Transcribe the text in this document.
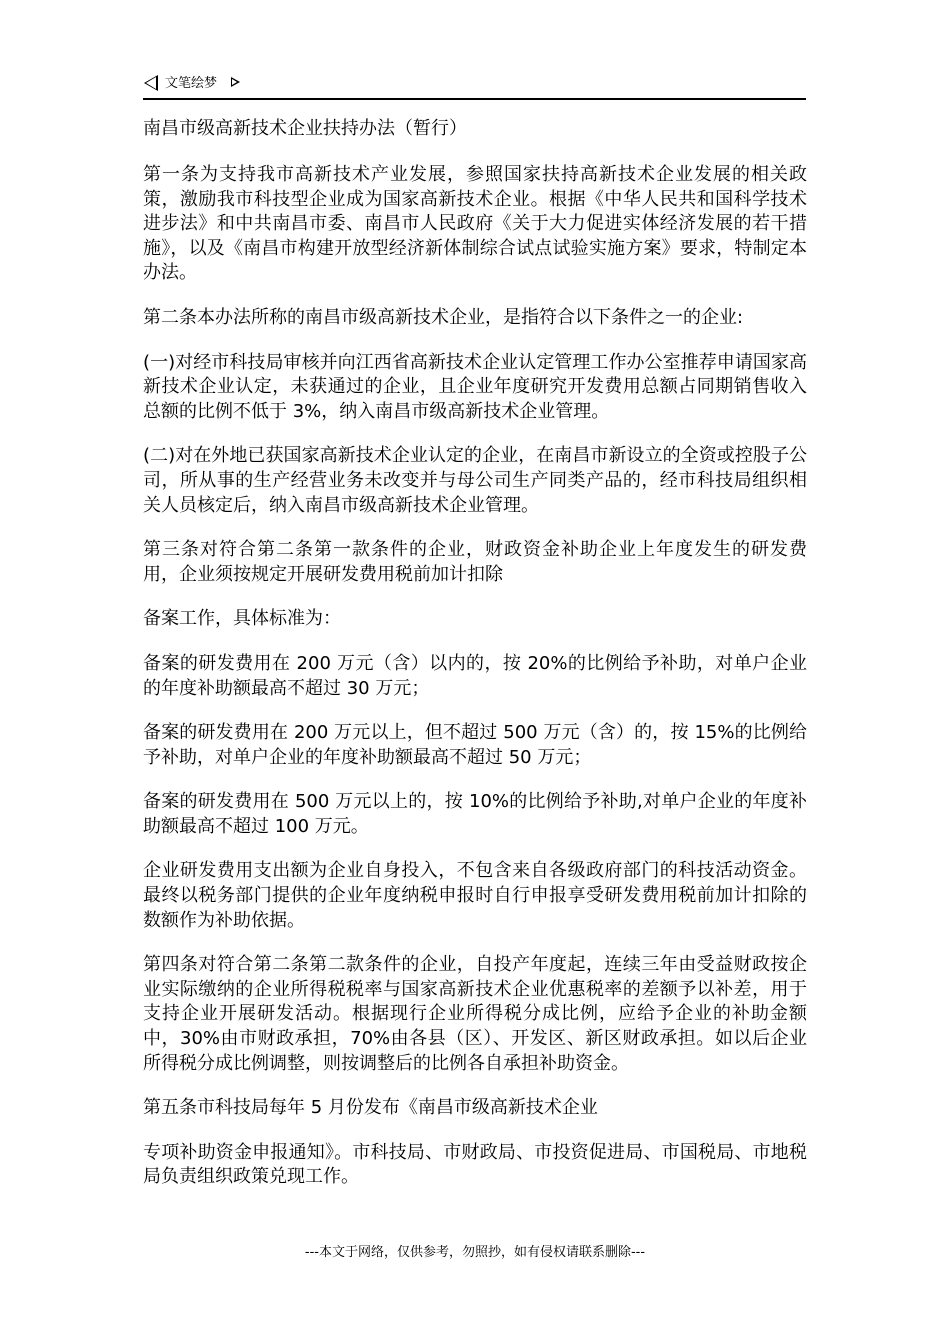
文笔绘梦
南昌市级高新技术企业扶持办法（暂行）

第一条为支持我市高新技术产业发展，参照国家扶持高新技术企业发展的相关政策，激励我市科技型企业成为国家高新技术企业。根据《中华人民共和国科学技术进步法》和中共南昌市委、南昌市人民政府《关于大力促进实体经济发展的若干措施》，以及《南昌市构建开放型经济新体制综合试点试验实施方案》要求，特制定本办法。

第二条本办法所称的南昌市级高新技术企业，是指符合以下条件之一的企业:

(一)对经市科技局审核并向江西省高新技术企业认定管理工作办公室推荐申请国家高新技术企业认定，未获通过的企业，且企业年度研究开发费用总额占同期销售收入总额的比例不低于 3%，纳入南昌市级高新技术企业管理。

(二)对在外地已获国家高新技术企业认定的企业，在南昌市新设立的全资或控股子公司，所从事的生产经营业务未改变并与母公司生产同类产品的，经市科技局组织相关人员核定后，纳入南昌市级高新技术企业管理。

第三条对符合第二条第一款条件的企业，财政资金补助企业上年度发生的研发费用，企业须按规定开展研发费用税前加计扣除

备案工作，具体标准为：

备案的研发费用在 200 万元（含）以内的，按 20%的比例给予补助，对单户企业的年度补助额最高不超过 30 万元；

备案的研发费用在 200 万元以上，但不超过 500 万元（含）的，按 15%的比例给予补助，对单户企业的年度补助额最高不超过 50 万元；

备案的研发费用在 500 万元以上的，按 10%的比例给予补助,对单户企业的年度补助额最高不超过 100 万元。

企业研发费用支出额为企业自身投入，不包含来自各级政府部门的科技活动资金。最终以税务部门提供的企业年度纳税申报时自行申报享受研发费用税前加计扣除的数额作为补助依据。

第四条对符合第二条第二款条件的企业，自投产年度起，连续三年由受益财政按企业实际缴纳的企业所得税税率与国家高新技术企业优惠税率的差额予以补差，用于支持企业开展研发活动。根据现行企业所得税分成比例，应给予企业的补助金额中，30%由市财政承担，70%由各县（区）、开发区、新区财政承担。如以后企业所得税分成比例调整，则按调整后的比例各自承担补助资金。

第五条市科技局每年 5 月份发布《南昌市级高新技术企业

专项补助资金申报通知》。市科技局、市财政局、市投资促进局、市国税局、市地税局负责组织政策兑现工作。

---本文于网络，仅供参考，勿照抄，如有侵权请联系删除---
